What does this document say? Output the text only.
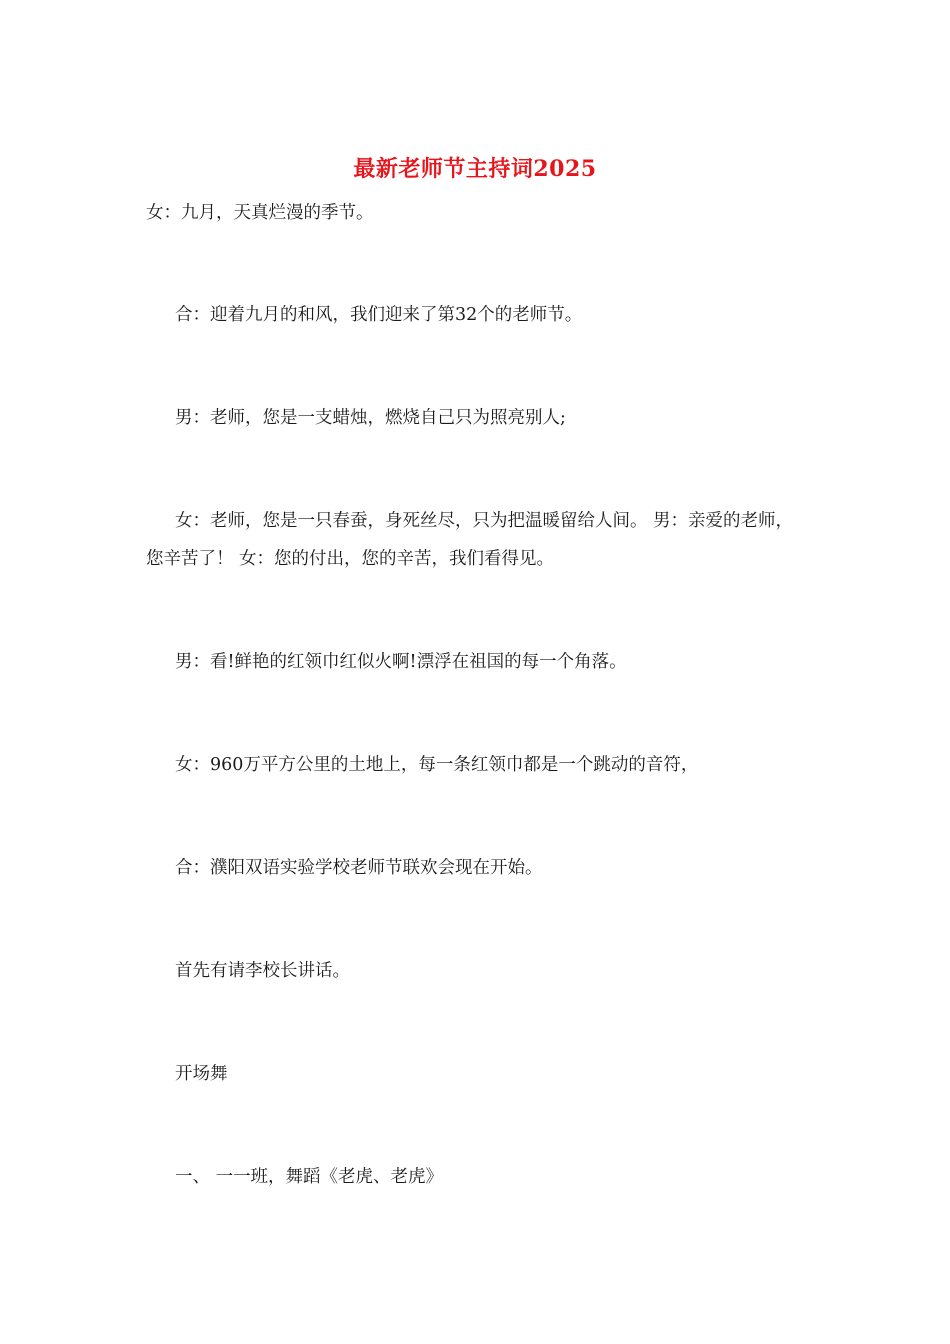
最新老师节主持词2025
女：九月，天真烂漫的季节。
合：迎着九月的和风，我们迎来了第32个的老师节。
男：老师，您是一支蜡烛，燃烧自己只为照亮别人;
女：老师，您是一只春蚕，身死丝尽，只为把温暖留给人间。 男：亲爱的老师，您辛苦了！ 女：您的付出，您的辛苦，我们看得见。
男：看!鲜艳的红领巾红似火啊!漂浮在祖国的每一个角落。
女：960万平方公里的土地上，每一条红领巾都是一个跳动的音符，
合：濮阳双语实验学校老师节联欢会现在开始。
首先有请李校长讲话。
开场舞
一、 一一班，舞蹈《老虎、老虎》
